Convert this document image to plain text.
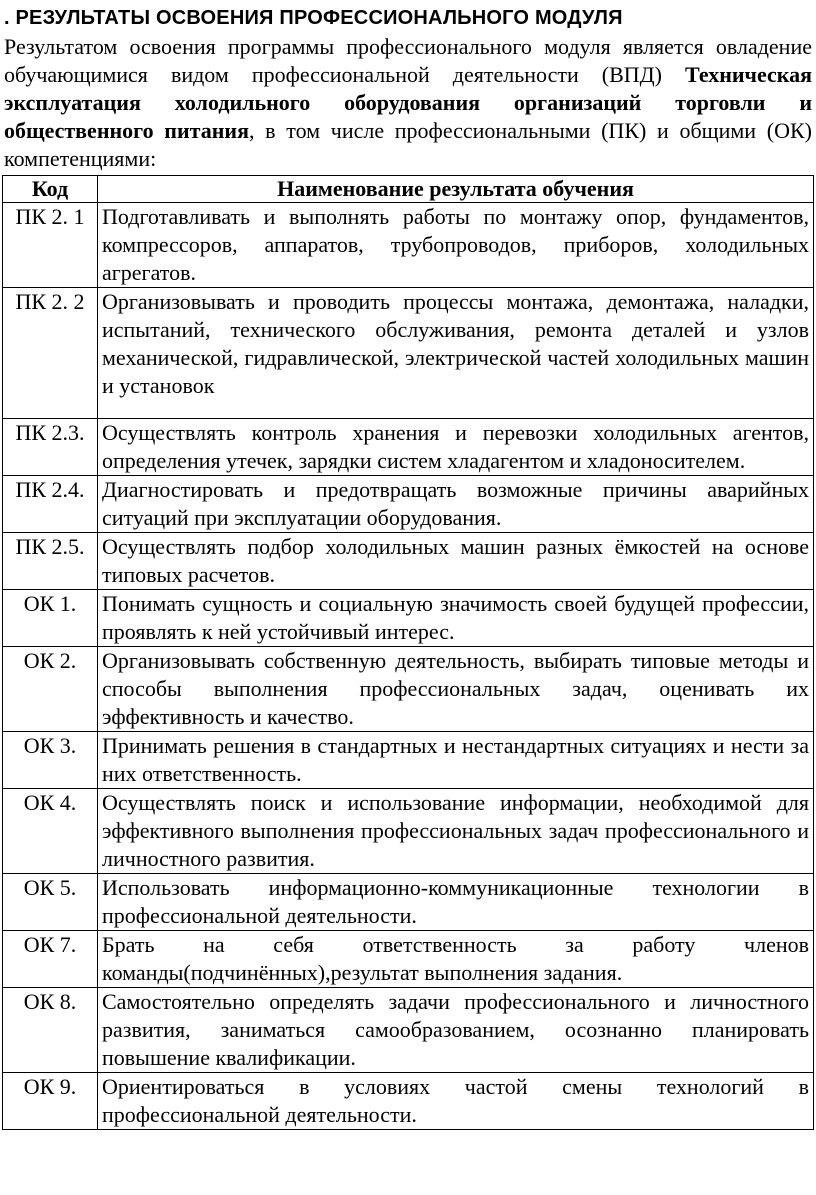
. РЕЗУЛЬТАТЫ ОСВОЕНИЯ ПРОФЕССИОНАЛЬНОГО МОДУЛЯ

Результатом освоения программы профессионального модуля является овладение обучающимися видом профессиональной деятельности (ВПД) Техническая эксплуатация холодильного оборудования организаций торговли и общественного питания, в том числе профессиональными (ПК) и общими (ОК) компетенциями:

Код	Наименование результата обучения
ПК 2. 1	Подготавливать и выполнять работы по монтажу опор, фундаментов, компрессоров, аппаратов, трубопроводов, приборов, холодильных агрегатов.
ПК 2. 2	Организовывать и проводить процессы монтажа, демонтажа, наладки, испытаний, технического обслуживания, ремонта деталей и узлов механической, гидравлической, электрической частей холодильных машин и установок
ПК 2.3.	Осуществлять контроль хранения и перевозки холодильных агентов, определения утечек, зарядки систем хладагентом и хладоносителем.
ПК 2.4.	Диагностировать и предотвращать возможные причины аварийных ситуаций при эксплуатации оборудования.
ПК 2.5.	Осуществлять подбор холодильных машин разных ёмкостей на основе типовых расчетов.
ОК 1.	Понимать сущность и социальную значимость своей будущей профессии, проявлять к ней устойчивый интерес.
ОК 2.	Организовывать собственную деятельность, выбирать типовые методы и способы выполнения профессиональных задач, оценивать их эффективность и качество.
ОК 3.	Принимать решения в стандартных и нестандартных ситуациях и нести за них ответственность.
ОК 4.	Осуществлять поиск и использование информации, необходимой для эффективного выполнения профессиональных задач профессионального и личностного развития.
ОК 5.	Использовать информационно-коммуникационные технологии в профессиональной деятельности.
ОК 7.	Брать на себя ответственность за работу членов команды(подчинённых),результат выполнения задания.
ОК 8.	Самостоятельно определять задачи профессионального и личностного развития, заниматься самообразованием, осознанно планировать повышение квалификации.
ОК 9.	Ориентироваться в условиях частой смены технологий в профессиональной деятельности.
